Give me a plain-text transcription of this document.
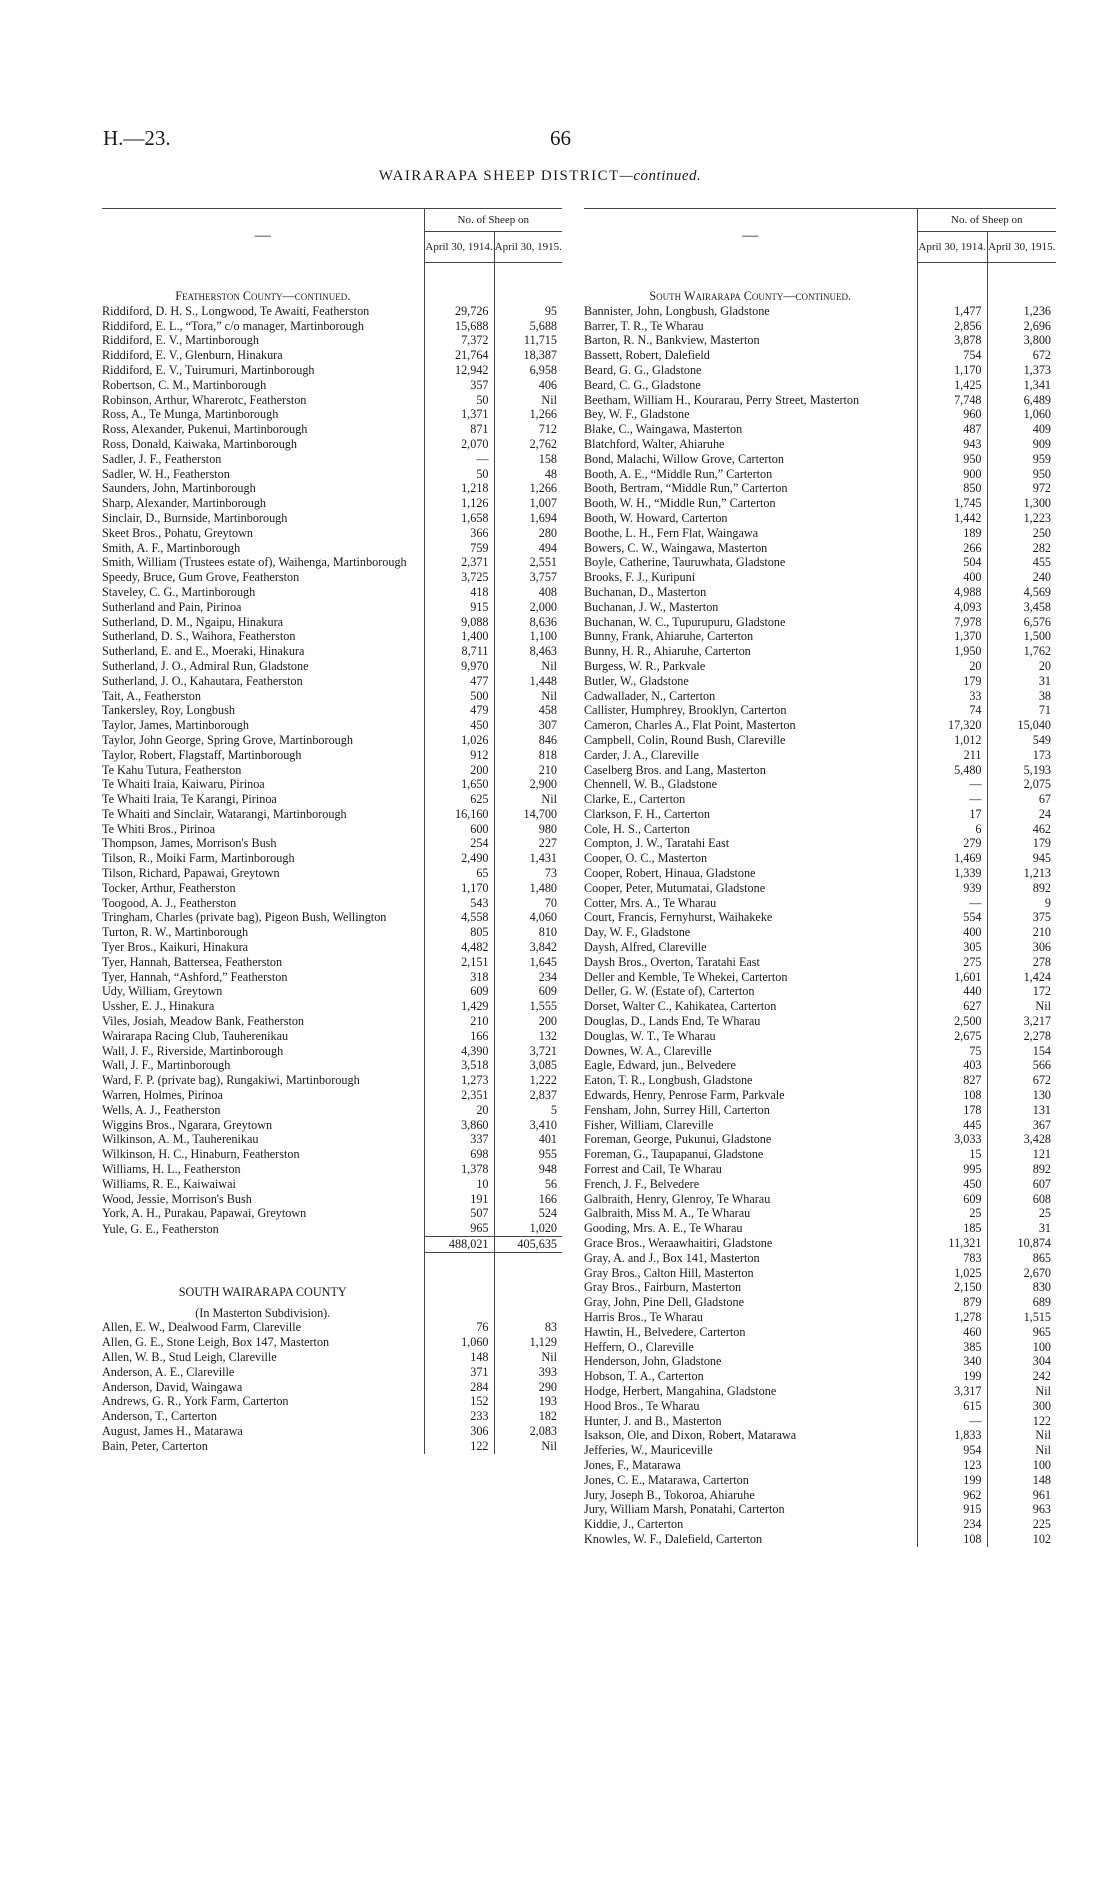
H.—23.	66
WAIRARAPA SHEEP DISTRICT—continued.
—	No. of Sheep on	
	April 30, 1914.	April 30, 1915.

Featherston County—continued.		
Riddiford, D. H. S., Longwood, Te Awaiti, Featherston	29,726	95
Riddiford, E. L., “Tora,” c/o manager, Martinborough	15,688	5,688
Riddiford, E. V., Martinborough	7,372	11,715
Riddiford, E. V., Glenburn, Hinakura	21,764	18,387
Riddiford, E. V., Tuirumuri, Martinborough	12,942	6,958
Robertson, C. M., Martinborough	357	406
Robinson, Arthur, Wharerotc, Featherston	50	Nil
Ross, A., Te Munga, Martinborough	1,371	1,266
Ross, Alexander, Pukenui, Martinborough	871	712
Ross, Donald, Kaiwaka, Martinborough	2,070	2,762
Sadler, J. F., Featherston	—	158
Sadler, W. H., Featherston	50	48
Saunders, John, Martinborough	1,218	1,266
Sharp, Alexander, Martinborough	1,126	1,007
Sinclair, D., Burnside, Martinborough	1,658	1,694
Skeet Bros., Pohatu, Greytown	366	280
Smith, A. F., Martinborough	759	494
Smith, William (Trustees estate of), Waihenga, Martinborough	2,371	2,551
Speedy, Bruce, Gum Grove, Featherston	3,725	3,757
Staveley, C. G., Martinborough	418	408
Sutherland and Pain, Pirinoa	915	2,000
Sutherland, D. M., Ngaipu, Hinakura	9,088	8,636
Sutherland, D. S., Waihora, Featherston	1,400	1,100
Sutherland, E. and E., Moeraki, Hinakura	8,711	8,463
Sutherland, J. O., Admiral Run, Gladstone	9,970	Nil
Sutherland, J. O., Kahautara, Featherston	477	1,448
Tait, A., Featherston	500	Nil
Tankersley, Roy, Longbush	479	458
Taylor, James, Martinborough	450	307
Taylor, John George, Spring Grove, Martinborough	1,026	846
Taylor, Robert, Flagstaff, Martinborough	912	818
Te Kahu Tutura, Featherston	200	210
Te Whaiti Iraia, Kaiwaru, Pirinoa	1,650	2,900
Te Whaiti Iraia, Te Karangi, Pirinoa	625	Nil
Te Whaiti and Sinclair, Watarangi, Martinborough	16,160	14,700
Te Whiti Bros., Pirinoa	600	980
Thompson, James, Morrison's Bush	254	227
Tilson, R., Moiki Farm, Martinborough	2,490	1,431
Tilson, Richard, Papawai, Greytown	65	73
Tocker, Arthur, Featherston	1,170	1,480
Toogood, A. J., Featherston	543	70
Tringham, Charles (private bag), Pigeon Bush, Wellington	4,558	4,060
Turton, R. W., Martinborough	805	810
Tyer Bros., Kaikuri, Hinakura	4,482	3,842
Tyer, Hannah, Battersea, Featherston	2,151	1,645
Tyer, Hannah, “Ashford,” Featherston	318	234
Udy, William, Greytown	609	609
Ussher, E. J., Hinakura	1,429	1,555
Viles, Josiah, Meadow Bank, Featherston	210	200
Wairarapa Racing Club, Tauherenikau	166	132
Wall, J. F., Riverside, Martinborough	4,390	3,721
Wall, J. F., Martinborough	3,518	3,085
Ward, F. P. (private bag), Rungakiwi, Martinborough	1,273	1,222
Warren, Holmes, Pirinoa	2,351	2,837
Wells, A. J., Featherston	20	5
Wiggins Bros., Ngarara, Greytown	3,860	3,410
Wilkinson, A. M., Tauherenikau	337	401
Wilkinson, H. C., Hinaburn, Featherston	698	955
Williams, H. L., Featherston	1,378	948
Williams, R. E., Kaiwaiwai	10	56
Wood, Jessie, Morrison's Bush	191	166
York, A. H., Purakau, Papawai, Greytown	507	524
Yule, G. E., Featherston	965	1,020
	488,021	405,635

SOUTH WAIRARAPA COUNTY		
(In Masterton Subdivision).		
Allen, E. W., Dealwood Farm, Clareville	76	83
Allen, G. E., Stone Leigh, Box 147, Masterton	1,060	1,129
Allen, W. B., Stud Leigh, Clareville	148	Nil
Anderson, A. E., Clareville	371	393
Anderson, David, Waingawa	284	290
Andrews, G. R., York Farm, Carterton	152	193
Anderson, T., Carterton	233	182
August, James H., Matarawa	306	2,083
Bain, Peter, Carterton	122	Nil
—	No. of Sheep on	
	April 30, 1914.	April 30, 1915.

South Wairarapa County—continued.		
Bannister, John, Longbush, Gladstone	1,477	1,236
Barrer, T. R., Te Wharau	2,856	2,696
Barton, R. N., Bankview, Masterton	3,878	3,800
Bassett, Robert, Dalefield	754	672
Beard, G. G., Gladstone	1,170	1,373
Beard, C. G., Gladstone	1,425	1,341
Beetham, William H., Kourarau, Perry Street, Masterton	7,748	6,489
Bey, W. F., Gladstone	960	1,060
Blake, C., Waingawa, Masterton	487	409
Blatchford, Walter, Ahiaruhe	943	909
Bond, Malachi, Willow Grove, Carterton	950	959
Booth, A. E., “Middle Run,” Carterton	900	950
Booth, Bertram, “Middle Run,” Carterton	850	972
Booth, W. H., “Middle Run,” Carterton	1,745	1,300
Booth, W. Howard, Carterton	1,442	1,223
Boothe, L. H., Fern Flat, Waingawa	189	250
Bowers, C. W., Waingawa, Masterton	266	282
Boyle, Catherine, Tauruwhata, Gladstone	504	455
Brooks, F. J., Kuripuni	400	240
Buchanan, D., Masterton	4,988	4,569
Buchanan, J. W., Masterton	4,093	3,458
Buchanan, W. C., Tupurupuru, Gladstone	7,978	6,576
Bunny, Frank, Ahiaruhe, Carterton	1,370	1,500
Bunny, H. R., Ahiaruhe, Carterton	1,950	1,762
Burgess, W. R., Parkvale	20	20
Butler, W., Gladstone	179	31
Cadwallader, N., Carterton	33	38
Callister, Humphrey, Brooklyn, Carterton	74	71
Cameron, Charles A., Flat Point, Masterton	17,320	15,040
Campbell, Colin, Round Bush, Clareville	1,012	549
Carder, J. A., Clareville	211	173
Caselberg Bros. and Lang, Masterton	5,480	5,193
Chennell, W. B., Gladstone	—	2,075
Clarke, E., Carterton	—	67
Clarkson, F. H., Carterton	17	24
Cole, H. S., Carterton	6	462
Compton, J. W., Taratahi East	279	179
Cooper, O. C., Masterton	1,469	945
Cooper, Robert, Hinaua, Gladstone	1,339	1,213
Cooper, Peter, Mutumatai, Gladstone	939	892
Cotter, Mrs. A., Te Wharau	—	9
Court, Francis, Fernyhurst, Waihakeke	554	375
Day, W. F., Gladstone	400	210
Daysh, Alfred, Clareville	305	306
Daysh Bros., Overton, Taratahi East	275	278
Deller and Kemble, Te Whekei, Carterton	1,601	1,424
Deller, G. W. (Estate of), Carterton	440	172
Dorset, Walter C., Kahikatea, Carterton	627	Nil
Douglas, D., Lands End, Te Wharau	2,500	3,217
Douglas, W. T., Te Wharau	2,675	2,278
Downes, W. A., Clareville	75	154
Eagle, Edward, jun., Belvedere	403	566
Eaton, T. R., Longbush, Gladstone	827	672
Edwards, Henry, Penrose Farm, Parkvale	108	130
Fensham, John, Surrey Hill, Carterton	178	131
Fisher, William, Clareville	445	367
Foreman, George, Pukunui, Gladstone	3,033	3,428
Foreman, G., Taupapanui, Gladstone	15	121
Forrest and Cail, Te Wharau	995	892
French, J. F., Belvedere	450	607
Galbraith, Henry, Glenroy, Te Wharau	609	608
Galbraith, Miss M. A., Te Wharau	25	25
Gooding, Mrs. A. E., Te Wharau	185	31
Grace Bros., Weraawhaitiri, Gladstone	11,321	10,874
Gray, A. and J., Box 141, Masterton	783	865
Gray Bros., Calton Hill, Masterton	1,025	2,670
Gray Bros., Fairburn, Masterton	2,150	830
Gray, John, Pine Dell, Gladstone	879	689
Harris Bros., Te Wharau	1,278	1,515
Hawtin, H., Belvedere, Carterton	460	965
Heffern, O., Clareville	385	100
Henderson, John, Gladstone	340	304
Hobson, T. A., Carterton	199	242
Hodge, Herbert, Mangahina, Gladstone	3,317	Nil
Hood Bros., Te Wharau	615	300
Hunter, J. and B., Masterton	—	122
Isakson, Ole, and Dixon, Robert, Matarawa	1,833	Nil
Jefferies, W., Mauriceville	954	Nil
Jones, F., Matarawa	123	100
Jones, C. E., Matarawa, Carterton	199	148
Jury, Joseph B., Tokoroa, Ahiaruhe	962	961
Jury, William Marsh, Ponatahi, Carterton	915	963
Kiddie, J., Carterton	234	225
Knowles, W. F., Dalefield, Carterton	108	102
